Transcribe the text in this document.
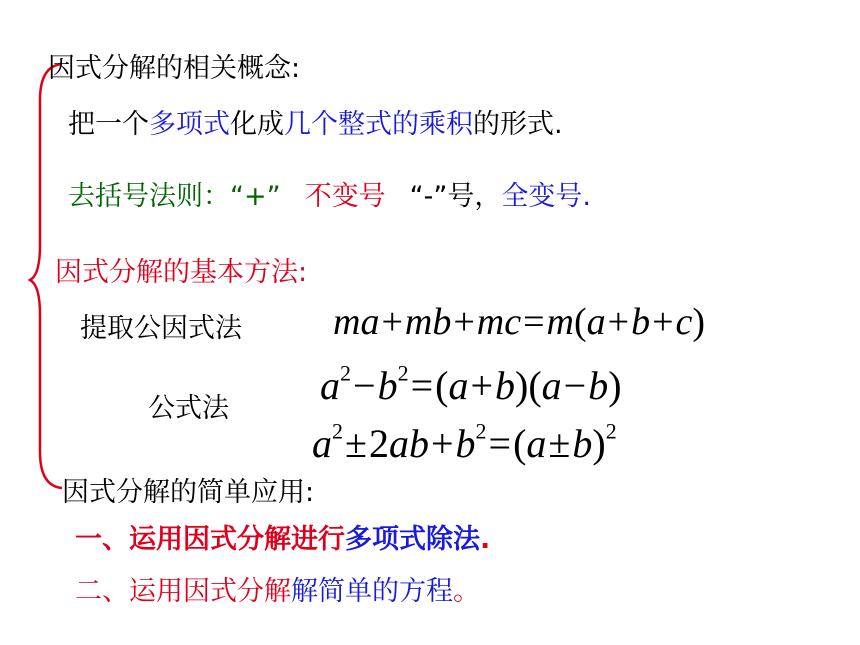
因式分解的相关概念:
把一个多项式化成几个整式的乘积的形式.
去括号法则：“+” 不变号 “-”号，全变号.
因式分解的基本方法:
提取公因式法 ma+mb+mc=m(a+b+c)
公式法
$a^2-b^2=(a+b)(a-b)$
$a^2\pm 2ab+b^2=(a\pm b)^2$
因式分解的简单应用:
一、运用因式分解进行多项式除法.
二、运用因式分解解简单的方程。
